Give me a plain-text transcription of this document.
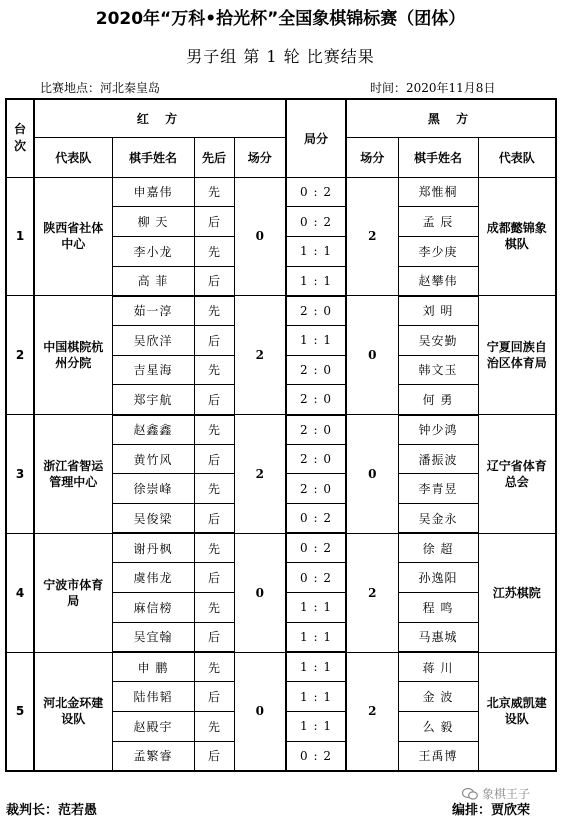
2020年“万科•拾光杯”全国象棋锦标赛（团体）
男子组 第 1 轮 比赛结果
比赛地点：河北秦皇岛	时间：2020年11月8日
台次	红 方				局分	黑 方		
	代表队	棋手姓名	先后	场分		场分	棋手姓名	代表队
1	陕西省社体中心	申嘉伟	先	0	0 : 2	2	郑惟桐	成都懿锦象棋队

		柳 天	后		0 : 2		孟 辰	
		李小龙	先		1 : 1		李少庚	
		高 菲	后		1 : 1		赵攀伟	
2	中国棋院杭州分院	茹一淳	先	2	2 : 0	0	刘 明	宁夏回族自治区体育局

		吴欣洋	后		1 : 1		吴安勤	
		吉星海	先		2 : 0		韩文玉	
		郑宇航	后		2 : 0		何 勇	
3	浙江省智运管理中心	赵鑫鑫	先	2	2 : 0	0	钟少鸿	辽宁省体育总会

		黄竹风	后		2 : 0		潘振波	
		徐崇峰	先		2 : 0		李青昱	
		吴俊梁	后		0 : 2		吴金永	
4	宁波市体育局	谢丹枫	先	0	0 : 2	2	徐 超	江苏棋院

		虞伟龙	后		0 : 2		孙逸阳	
		麻信榜	先		1 : 1		程 鸣	
		吴宜翰	后		1 : 1		马惠城	
5	河北金环建设队	申 鹏	先	0	1 : 1	2	蒋 川	北京威凯建设队

		陆伟韬	后		1 : 1		金 波	
		赵殿宇	先		1 : 1		么 毅	
		孟繁睿	后		0 : 2		王禹博	
裁判长：范若愚
象棋王子
编排：贾欣荣
